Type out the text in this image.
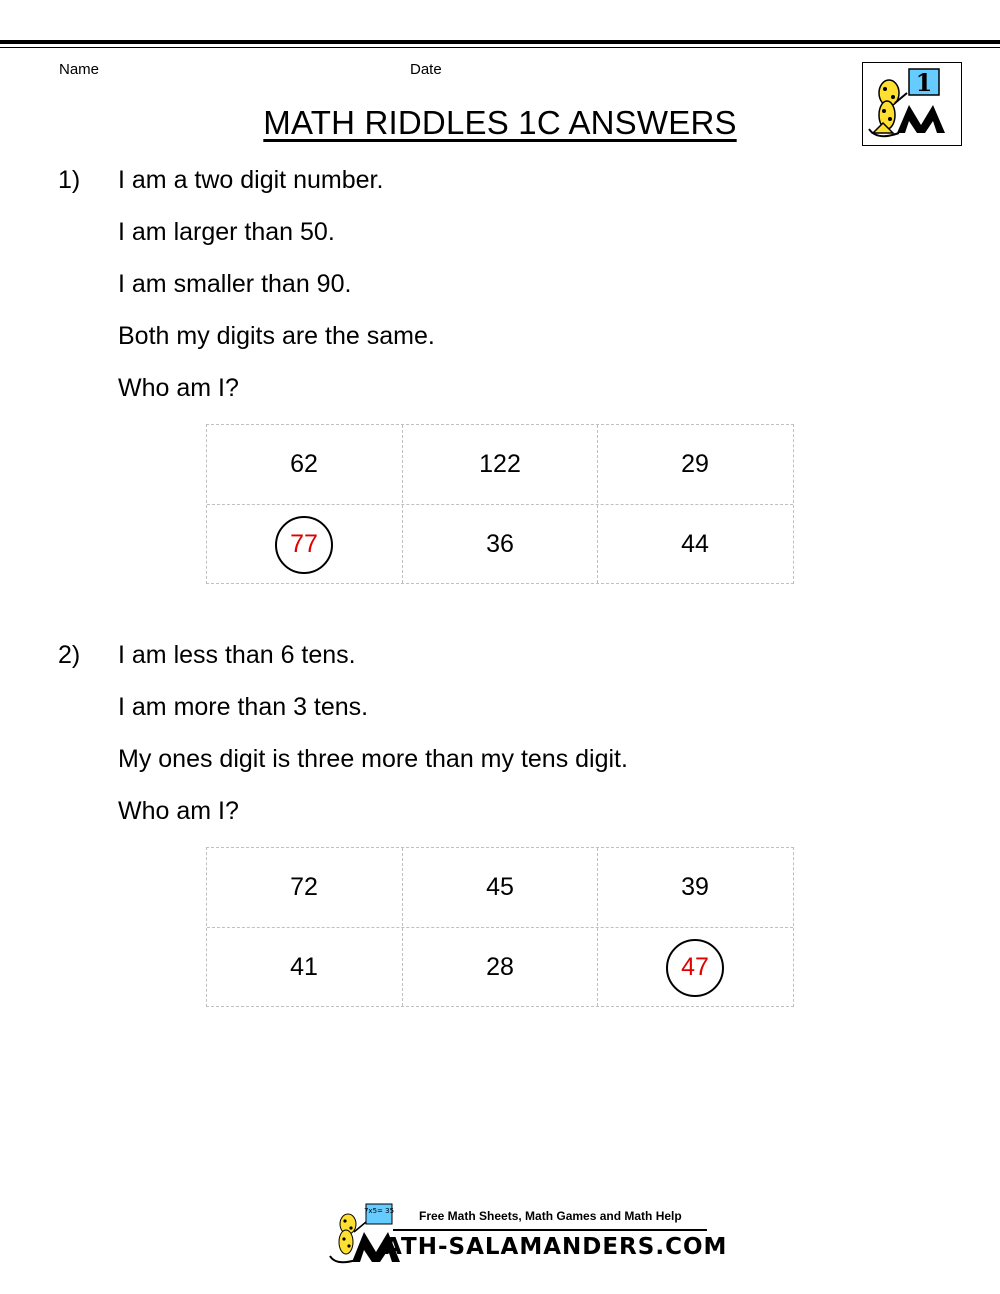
Name	Date	1
MATH RIDDLES 1C ANSWERS
1) I am a two digit number.
I am larger than 50.
I am smaller than 90.
Both my digits are the same.
Who am I?
62	122	29
77	36	44
2) I am less than 6 tens.
I am more than 3 tens.
My ones digit is three more than my tens digit.
Who am I?
72	45	39
41	28	47
7x5= 35 Free Math Sheets, Math Games and Math Help
ATH-SALAMANDERS.COM
